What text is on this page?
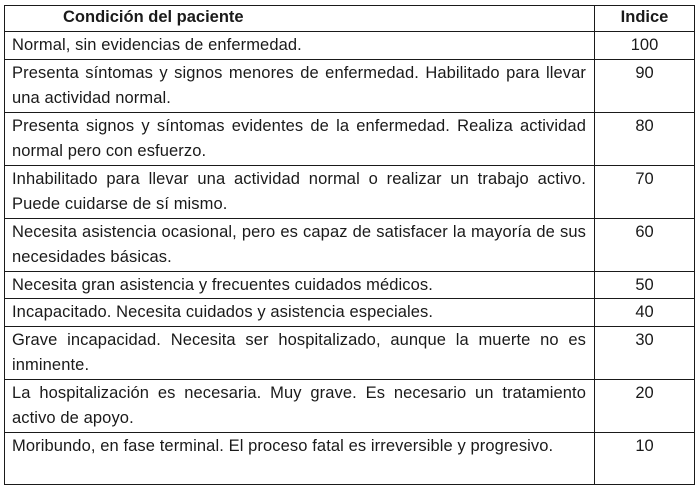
Condición del paciente	Indice
Normal, sin evidencias de enfermedad.	100
Presenta síntomas y signos menores de enfermedad. Habilitado para llevar una actividad normal.	90
Presenta signos y síntomas evidentes de la enfermedad. Realiza actividad normal pero con esfuerzo.	80
Inhabilitado para llevar una actividad normal o realizar un trabajo activo. Puede cuidarse de sí mismo.	70
Necesita asistencia ocasional, pero es capaz de satisfacer la mayoría de sus necesidades básicas.	60
Necesita gran asistencia y frecuentes cuidados médicos.	50
Incapacitado. Necesita cuidados y asistencia especiales.	40
Grave incapacidad. Necesita ser hospitalizado, aunque la muerte no es inminente.	30
La hospitalización es necesaria. Muy grave. Es necesario un tratamiento activo de apoyo.	20
Moribundo, en fase terminal. El proceso fatal es irreversible y progresivo.	10
